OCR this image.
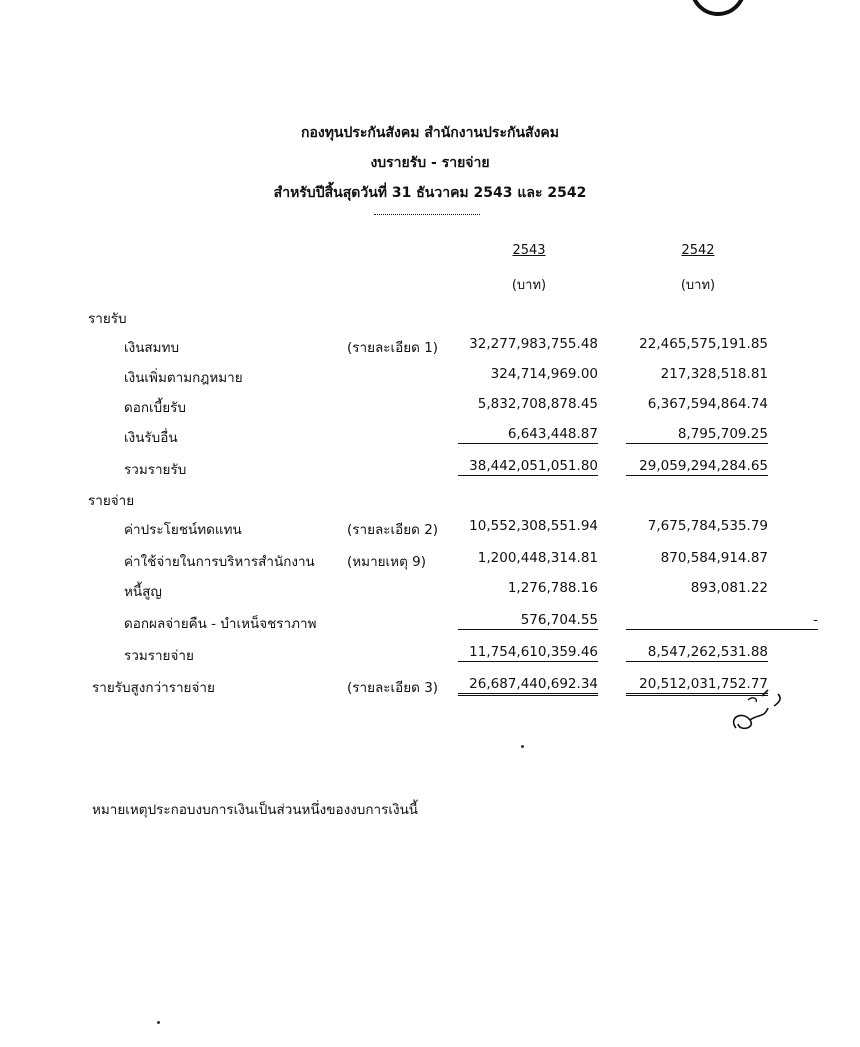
กองทุนประกันสังคม สำนักงานประกันสังคม
งบรายรับ - รายจ่าย
สำหรับปีสิ้นสุดวันที่ 31 ธันวาคม 2543 และ 2542
2543
(บาท)
2542
(บาท)
รายรับ
เงินสมทบ	(รายละเอียด 1)	32,277,983,755.48	22,465,575,191.85
เงินเพิ่มตามกฎหมาย	324,714,969.00	217,328,518.81
ดอกเบี้ยรับ	5,832,708,878.45	6,367,594,864.74
เงินรับอื่น	6,643,448.87	8,795,709.25
รวมรายรับ	38,442,051,051.80	29,059,294,284.65
รายจ่าย
ค่าประโยชน์ทดแทน	(รายละเอียด 2)	10,552,308,551.94	7,675,784,535.79
ค่าใช้จ่ายในการบริหารสำนักงาน (หมายเหตุ 9)	1,200,448,314.81	870,584,914.87
หนี้สูญ	1,276,788.16	893,081.22
ดอกผลจ่ายคืน - บำเหน็จชราภาพ	576,704.55	-
รวมรายจ่าย	11,754,610,359.46	8,547,262,531.88
รายรับสูงกว่ารายจ่าย	(รายละเอียด 3)	26,687,440,692.34	20,512,031,752.77
หมายเหตุประกอบงบการเงินเป็นส่วนหนึ่งของงบการเงินนี้
